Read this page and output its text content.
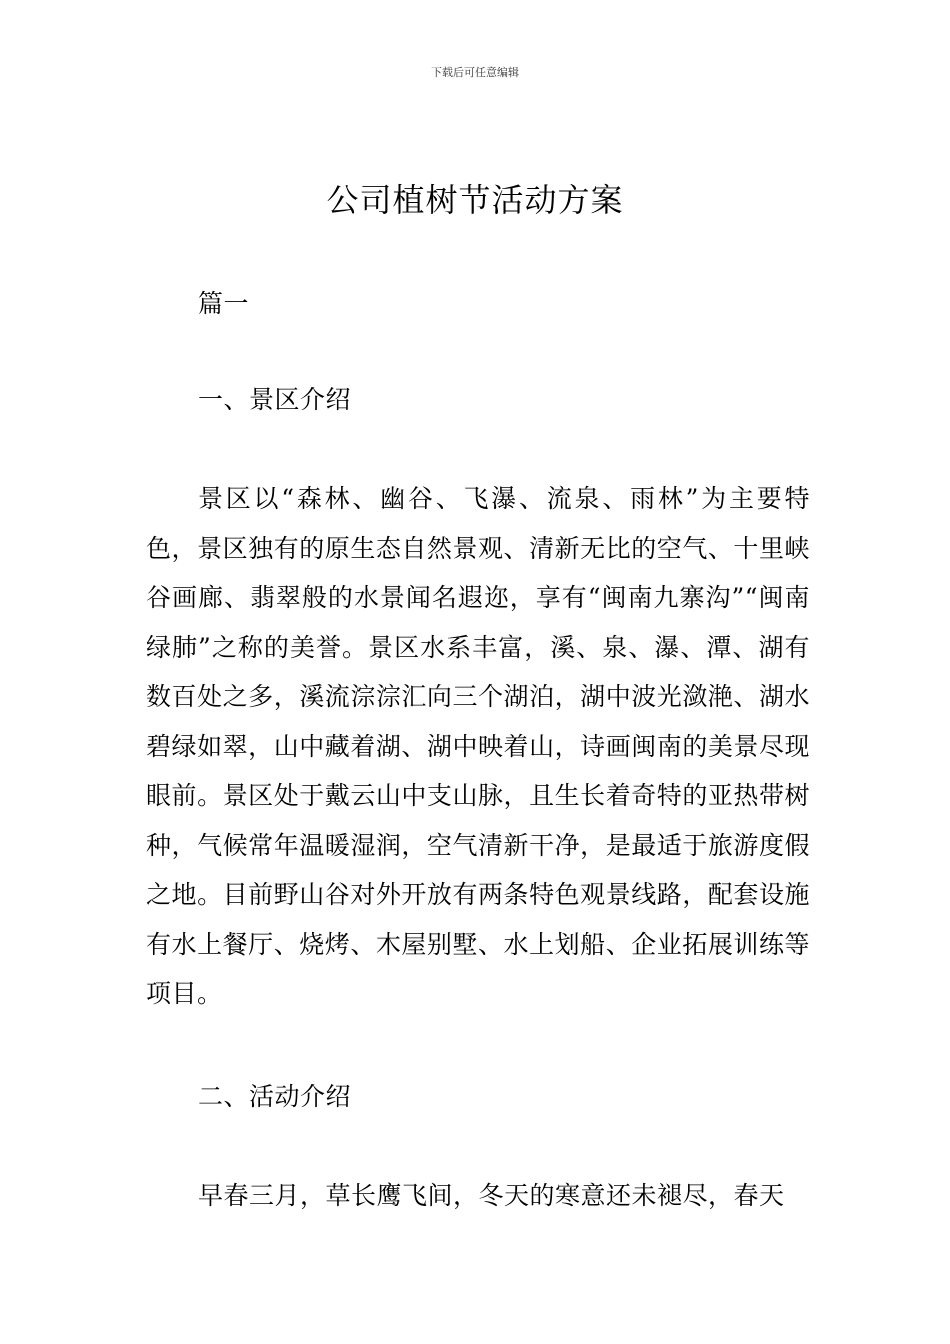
下载后可任意编辑
公司植树节活动方案

篇一

一、景区介绍

景区以“森林、幽谷、飞瀑、流泉、雨林”为主要特色，景区独有的原生态自然景观、清新无比的空气、十里峡谷画廊、翡翠般的水景闻名遐迩，享有“闽南九寨沟”“闽南绿肺”之称的美誉。景区水系丰富，溪、泉、瀑、潭、湖有数百处之多，溪流淙淙汇向三个湖泊，湖中波光潋滟、湖水碧绿如翠，山中藏着湖、湖中映着山，诗画闽南的美景尽现眼前。景区处于戴云山中支山脉，且生长着奇特的亚热带树种，气候常年温暖湿润，空气清新干净，是最适于旅游度假之地。目前野山谷对外开放有两条特色观景线路，配套设施有水上餐厅、烧烤、木屋别墅、水上划船、企业拓展训练等项目。

二、活动介绍

早春三月，草长鹰飞间，冬天的寒意还未褪尽，春天
